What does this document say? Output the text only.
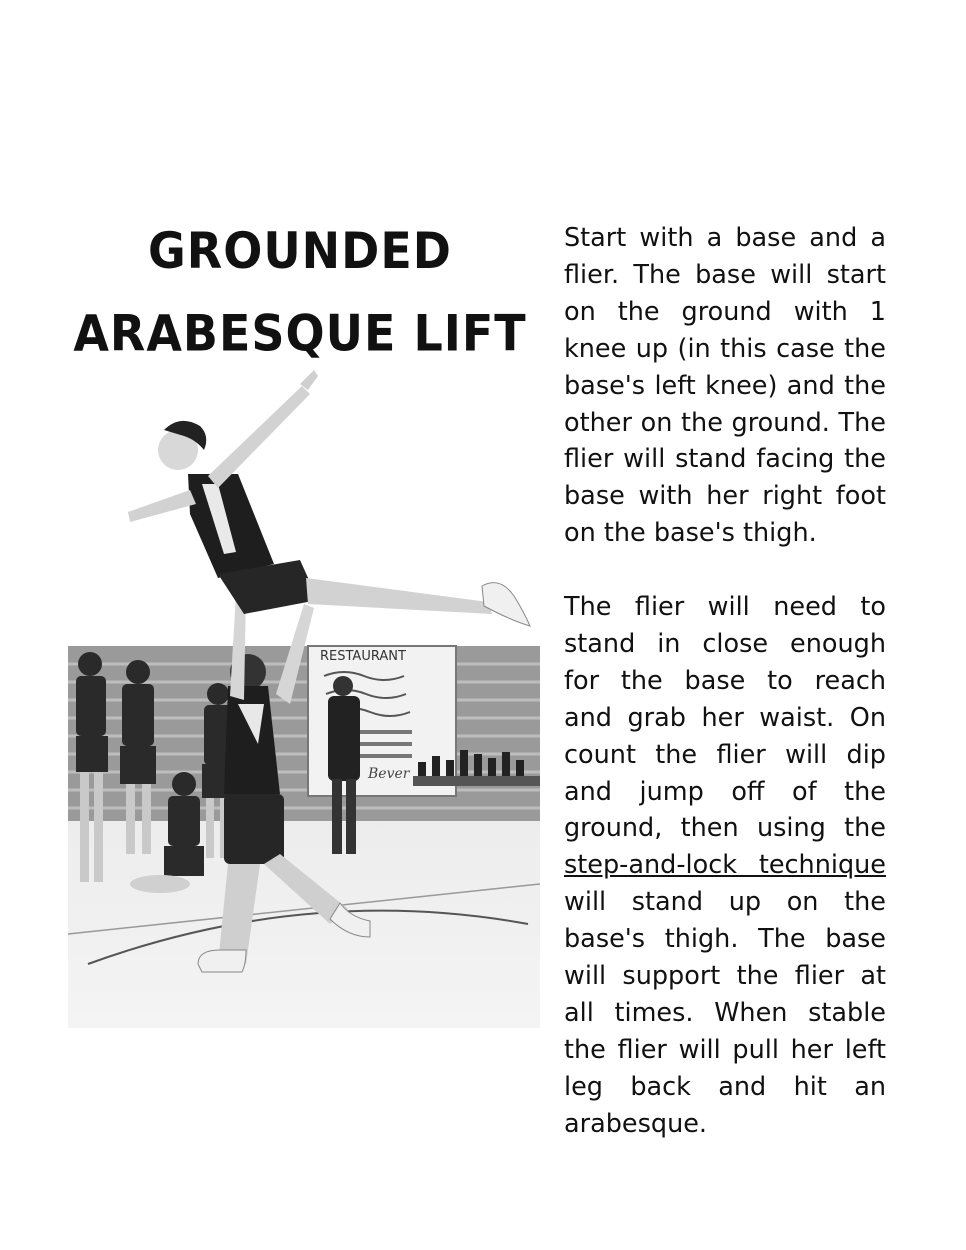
GROUNDED
ARABESQUE LIFT
RESTAURANT
Bever

Start with a base and a flier. The base will start on the ground with 1 knee up (in this case the base's left knee) and the other on the ground. The flier will stand facing the base with her right foot on the base's thigh.

The flier will need to stand in close enough for the base to reach and grab her waist. On count the flier will dip and jump off of the ground, then using the step-and-lock technique will stand up on the base's thigh. The base will support the flier at all times. When stable the flier will pull her left leg back and hit an arabesque.
